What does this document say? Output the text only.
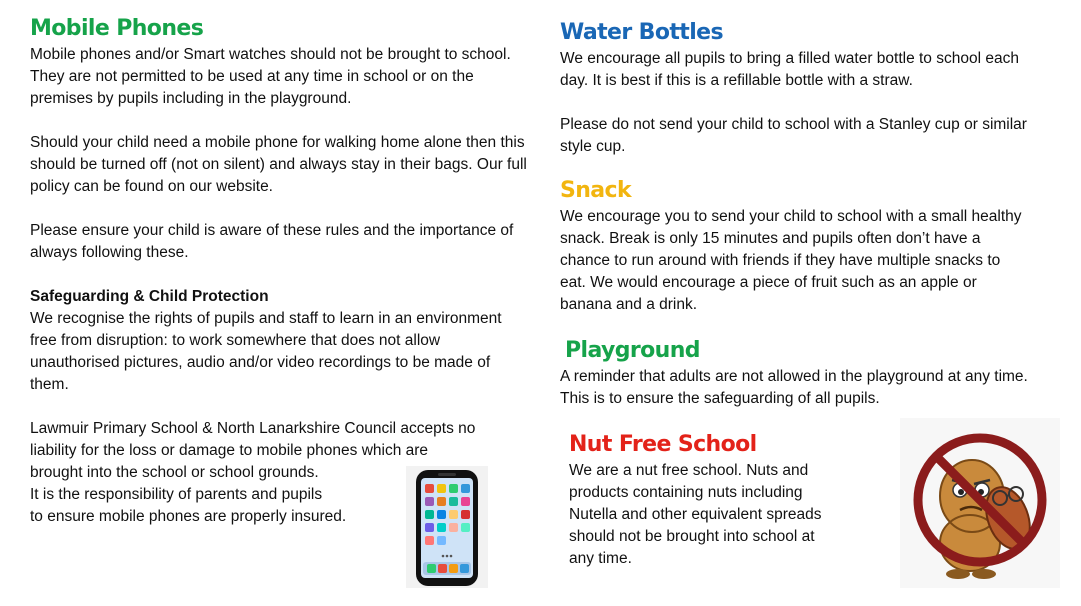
Mobile Phones

Mobile phones and/or Smart watches should not be brought to school. They are not permitted to be used at any time in school or on the premises by pupils including in the playground.

Should your child need a mobile phone for walking home alone then this should be turned off (not on silent) and always stay in their bags. Our full policy can be found on our website.

Please ensure your child is aware of these rules and the importance of always following these.

Safeguarding & Child Protection

We recognise the rights of pupils and staff to learn in an environment free from disruption: to work somewhere that does not allow unauthorised pictures, audio and/or video recordings to be made of them.

Lawmuir Primary School & North Lanarkshire Council accepts no

liability for the loss or damage to mobile phones which are

brought into the school or school grounds.

It is the responsibility of parents and pupils

to ensure mobile phones are properly insured.

Water Bottles

We encourage all pupils to bring a filled water bottle to school each day. It is best if this is a refillable bottle with a straw.

Please do not send your child to school with a Stanley cup or similar style cup.

Snack

We encourage you to send your child to school with a small healthy snack. Break is only 15 minutes and pupils often don’t have a chance to run around with friends if they have multiple snacks to eat. We would encourage a piece of fruit such as an apple or banana and a drink.

Playground

A reminder that adults are not allowed in the playground at any time. This is to ensure the safeguarding of all pupils.

Nut Free School

We are a nut free school. Nuts and

products containing nuts including

Nutella and other equivalent spreads

should not be brought into school at

any time.
